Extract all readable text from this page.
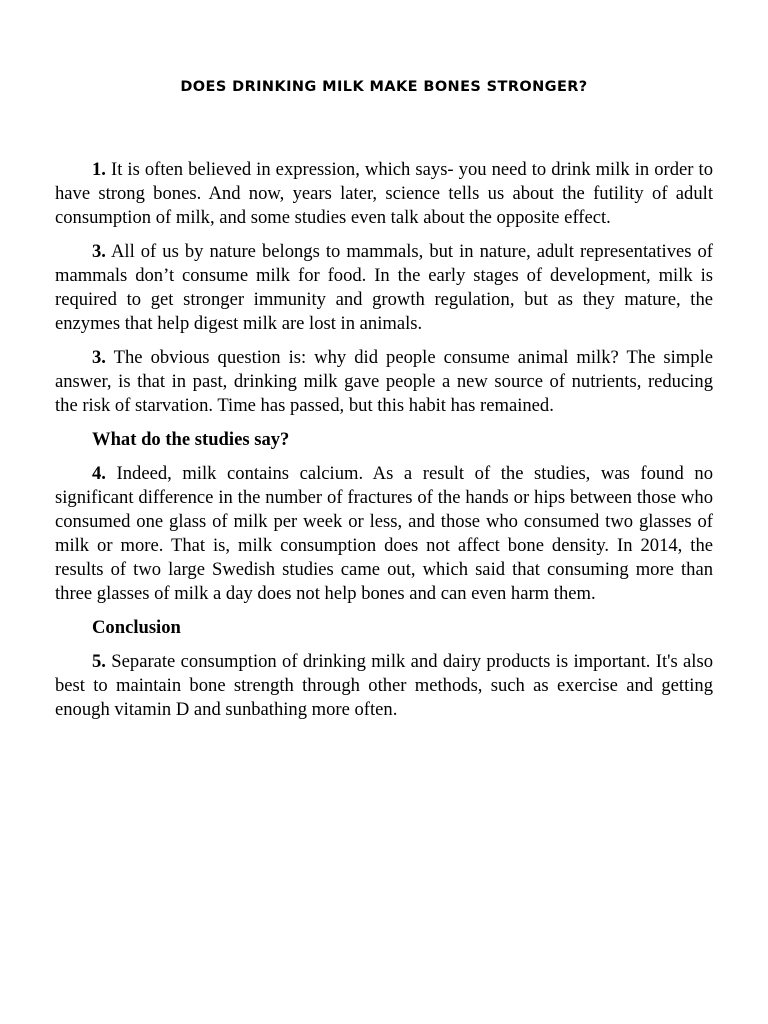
DOES DRINKING MILK MAKE BONES STRONGER?

1. It is often believed in expression, which says- you need to drink milk in order to have strong bones. And now, years later, science tells us about the futility of adult consumption of milk, and some studies even talk about the opposite effect.

3. All of us by nature belongs to mammals, but in nature, adult representatives of mammals don’t consume milk for food. In the early stages of development, milk is required to get stronger immunity and growth regulation, but as they mature, the enzymes that help digest milk are lost in animals.

3. The obvious question is: why did people consume animal milk? The simple answer, is that in past, drinking milk gave people a new source of nutrients, reducing the risk of starvation. Time has passed, but this habit has remained.

What do the studies say?

4. Indeed, milk contains calcium. As a result of the studies, was found no significant difference in the number of fractures of the hands or hips between those who consumed one glass of milk per week or less, and those who consumed two glasses of milk or more. That is, milk consumption does not affect bone density. In 2014, the results of two large Swedish studies came out, which said that consuming more than three glasses of milk a day does not help bones and can even harm them.

Conclusion

5. Separate consumption of drinking milk and dairy products is important. It's also best to maintain bone strength through other methods, such as exercise and getting enough vitamin D and sunbathing more often.
